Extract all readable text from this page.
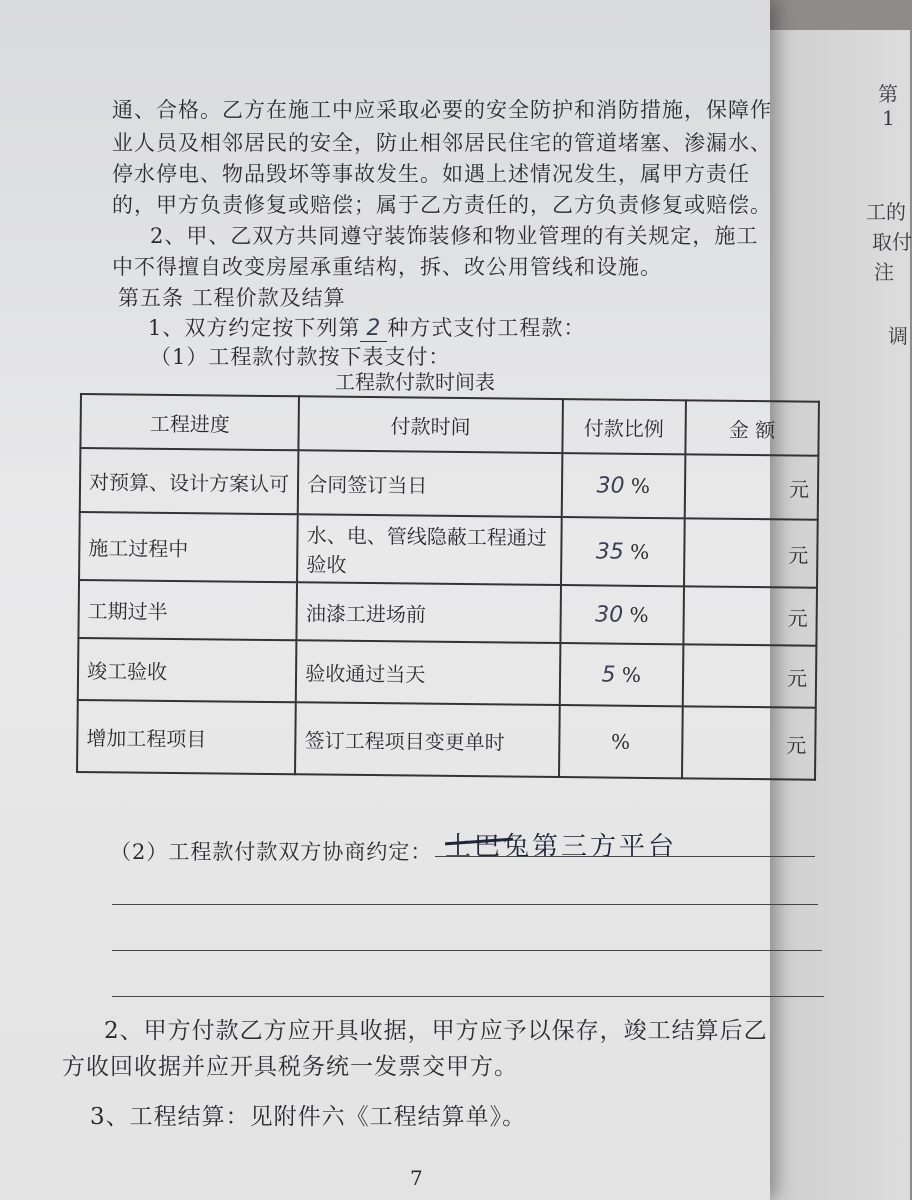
第
1
工的
取付
注
调
通、合格。乙方在施工中应采取必要的安全防护和消防措施，保障作
业人员及相邻居民的安全，防止相邻居民住宅的管道堵塞、渗漏水、
停水停电、物品毁坏等事故发生。如遇上述情况发生，属甲方责任
的，甲方负责修复或赔偿；属于乙方责任的，乙方负责修复或赔偿。
2、甲、乙双方共同遵守装饰装修和物业管理的有关规定，施工
中不得擅自改变房屋承重结构，拆、改公用管线和设施。
第五条 工程价款及结算
1、双方约定按下列第 2 种方式支付工程款：
（1）工程款付款按下表支付：
工程款付款时间表
工程进度	付款时间	付款比例	金 额
对预算、设计方案认可	合同签订当日	30 %	元
施工过程中	水、电、管线隐蔽工程通过验收	35 %	元
工期过半	油漆工进场前	30 %	元
竣工验收	验收通过当天	5 %	元
增加工程项目	签订工程项目变更单时	%	元
（2）工程款付款双方协商约定： 土巴兔第三方平台
2、甲方付款乙方应开具收据，甲方应予以保存，竣工结算后乙
方收回收据并应开具税务统一发票交甲方。
3、工程结算：见附件六《工程结算单》。
7
